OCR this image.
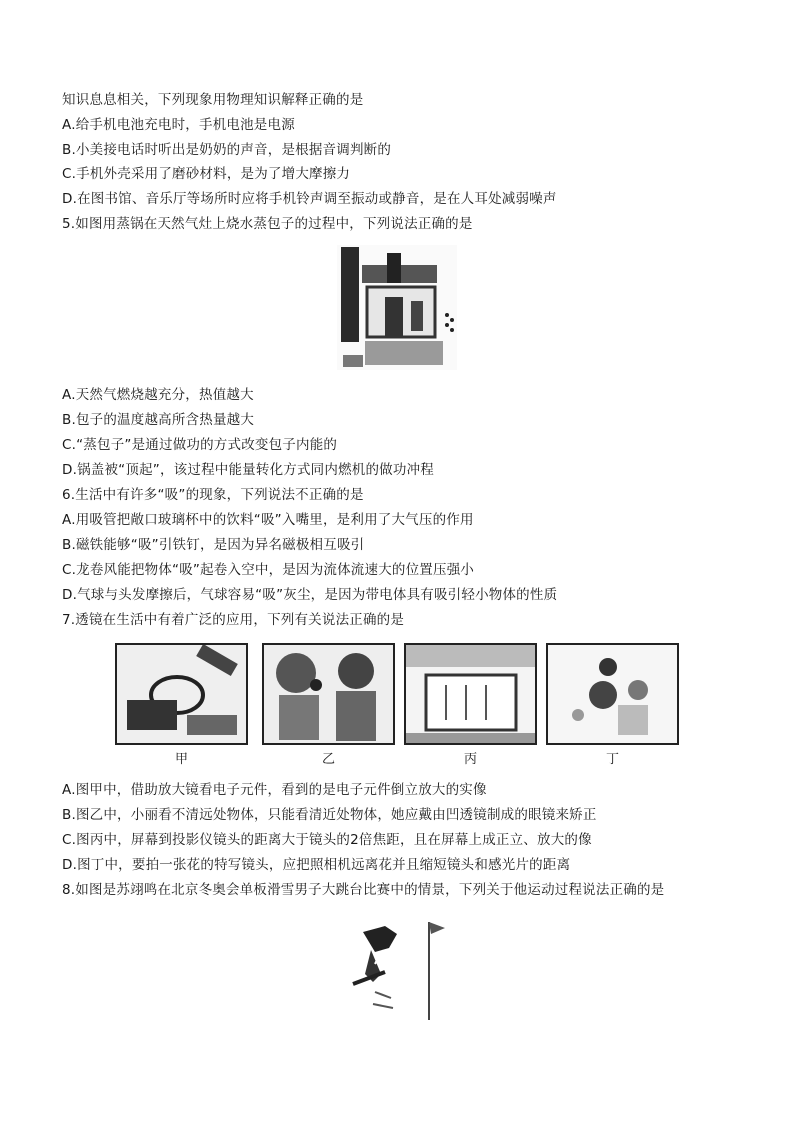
知识息息相关，下列现象用物理知识解释正确的是
A.给手机电池充电时，手机电池是电源
B.小美接电话时听出是奶奶的声音，是根据音调判断的
C.手机外壳采用了磨砂材料，是为了增大摩擦力
D.在图书馆、音乐厅等场所时应将手机铃声调至振动或静音，是在人耳处减弱噪声
5.如图用蒸锅在天然气灶上烧水蒸包子的过程中，下列说法正确的是
A.天然气燃烧越充分，热值越大
B.包子的温度越高所含热量越大
C.“蒸包子”是通过做功的方式改变包子内能的
D.锅盖被“顶起”，该过程中能量转化方式同内燃机的做功冲程
6.生活中有许多“吸”的现象，下列说法不正确的是
A.用吸管把敞口玻璃杯中的饮料“吸”入嘴里，是利用了大气压的作用
B.磁铁能够“吸”引铁钉，是因为异名磁极相互吸引
C.龙卷风能把物体“吸”起卷入空中，是因为流体流速大的位置压强小
D.气球与头发摩擦后，气球容易“吸”灰尘，是因为带电体具有吸引轻小物体的性质
7.透镜在生活中有着广泛的应用，下列有关说法正确的是
甲	乙	丙	丁
A.图甲中，借助放大镜看电子元件，看到的是电子元件倒立放大的实像
B.图乙中，小丽看不清远处物体，只能看清近处物体，她应戴由凹透镜制成的眼镜来矫正
C.图丙中，屏幕到投影仪镜头的距离大于镜头的2倍焦距，且在屏幕上成正立、放大的像
D.图丁中，要拍一张花的特写镜头，应把照相机远离花并且缩短镜头和感光片的距离
8.如图是苏翊鸣在北京冬奥会单板滑雪男子大跳台比赛中的情景，下列关于他运动过程说法正确的是
